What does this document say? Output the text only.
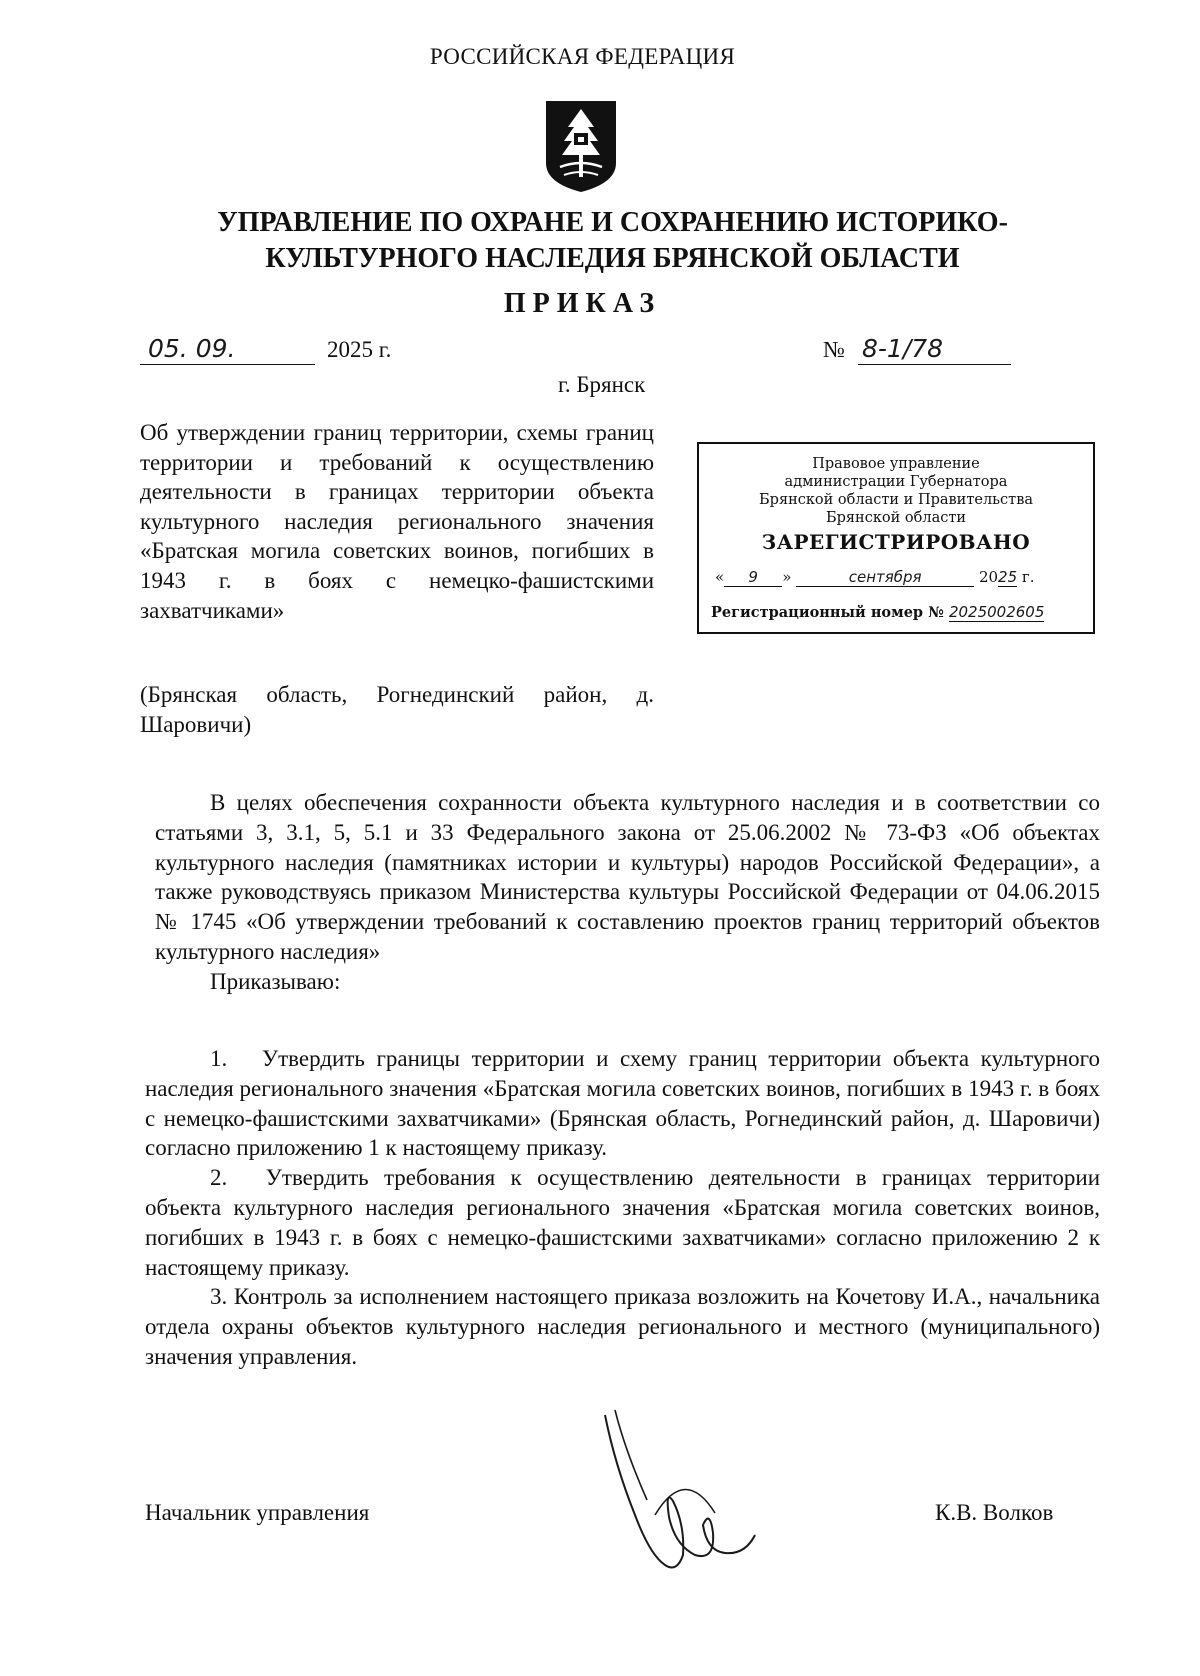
РОССИЙСКАЯ ФЕДЕРАЦИЯ
УПРАВЛЕНИЕ ПО ОХРАНЕ И СОХРАНЕНИЮ ИСТОРИКО-
КУЛЬТУРНОГО НАСЛЕДИЯ БРЯНСКОЙ ОБЛАСТИ
ПРИКАЗ
05. 09.	2025 г.	№ 8-1/78
г. Брянск
Об утверждении границ территории, схемы границ территории и требований к осуществлению деятельности в границах территории объекта культурного наследия регионального значения «Братская могила советских воинов, погибших в 1943 г. в боях с немецко-фашистскими захватчиками»
(Брянская область, Рогнединский район, д. Шаровичи)
Правовое управление
администрации Губернатора
Брянской области и Правительства
Брянской области
ЗАРЕГИСТРИРОВАНО
« 9 »	сентября	2025 г.
Регистрационный номер № 2025002605

В целях обеспечения сохранности объекта культурного наследия и в соответствии со статьями 3, 3.1, 5, 5.1 и 33 Федерального закона от 25.06.2002 № 73-ФЗ «Об объектах культурного наследия (памятниках истории и культуры) народов Российской Федерации», а также руководствуясь приказом Министерства культуры Российской Федерации от 04.06.2015 № 1745 «Об утверждении требований к составлению проектов границ территорий объектов культурного наследия»

Приказываю:

1.  Утвердить границы территории и схему границ территории объекта культурного наследия регионального значения «Братская могила советских воинов, погибших в 1943 г. в боях с немецко-фашистскими захватчиками» (Брянская область, Рогнединский район, д. Шаровичи) согласно приложению 1 к настоящему приказу.

2.  Утвердить требования к осуществлению деятельности в границах территории объекта культурного наследия регионального значения «Братская могила советских воинов, погибших в 1943 г. в боях с немецко-фашистскими захватчиками» согласно приложению 2 к настоящему приказу.

3. Контроль за исполнением настоящего приказа возложить на Кочетову И.А., начальника отдела охраны объектов культурного наследия регионального и местного (муниципального) значения управления.

Начальник управления	К.В. Волков
